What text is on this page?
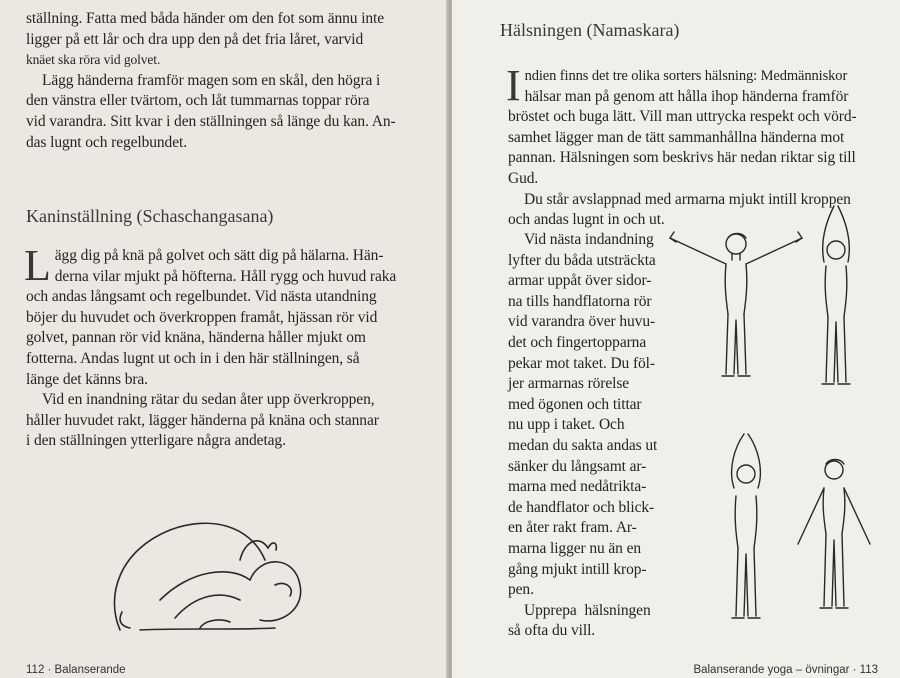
ställning. Fatta med båda händer om den fot som ännu inte

ligger på ett lår och dra upp den på det fria låret, varvid

knäet ska röra vid golvet.

Lägg händerna framför magen som en skål, den högra i

den vänstra eller tvärtom, och låt tummarnas toppar röra

vid varandra. Sitt kvar i den ställningen så länge du kan. An-

das lugnt och regelbundet.

Kaninställning (Schaschangasana)
L ägg dig på knä på golvet och sätt dig på hälarna. Hän-

derna vilar mjukt på höfterna. Håll rygg och huvud raka

och andas långsamt och regelbundet. Vid nästa utandning

böjer du huvudet och överkroppen framåt, hjässan rör vid

golvet, pannan rör vid knäna, händerna håller mjukt om

fotterna. Andas lugnt ut och in i den här ställningen, så

länge det känns bra.

Vid en inandning rätar du sedan åter upp överkroppen,

håller huvudet rakt, lägger händerna på knäna och stannar

i den ställningen ytterligare några andetag.

112 · Balanserande
Hälsningen (Namaskara)
I ndien finns det tre olika sorters hälsning: Medmänniskor

hälsar man på genom att hålla ihop händerna framför

bröstet och buga lätt. Vill man uttrycka respekt och vörd-

samhet lägger man de tätt sammanhållna händerna mot

pannan. Hälsningen som beskrivs här nedan riktar sig till

Gud.

Du står avslappnad med armarna mjukt intill kroppen

och andas lugnt in och ut.

Vid nästa indandning

lyfter du båda utsträckta

armar uppåt över sidor-

na tills handflatorna rör

vid varandra över huvu-

det och fingertopparna

pekar mot taket. Du föl-

jer armarnas rörelse

med ögonen och tittar

nu upp i taket. Och

medan du sakta andas ut

sänker du långsamt ar-

marna med nedåtrikta-

de handflator och blick-

en åter rakt fram. Ar-

marna ligger nu än en

gång mjukt intill krop-

pen.

Upprepa hälsningen

så ofta du vill.

Balanserande yoga – övningar · 113
